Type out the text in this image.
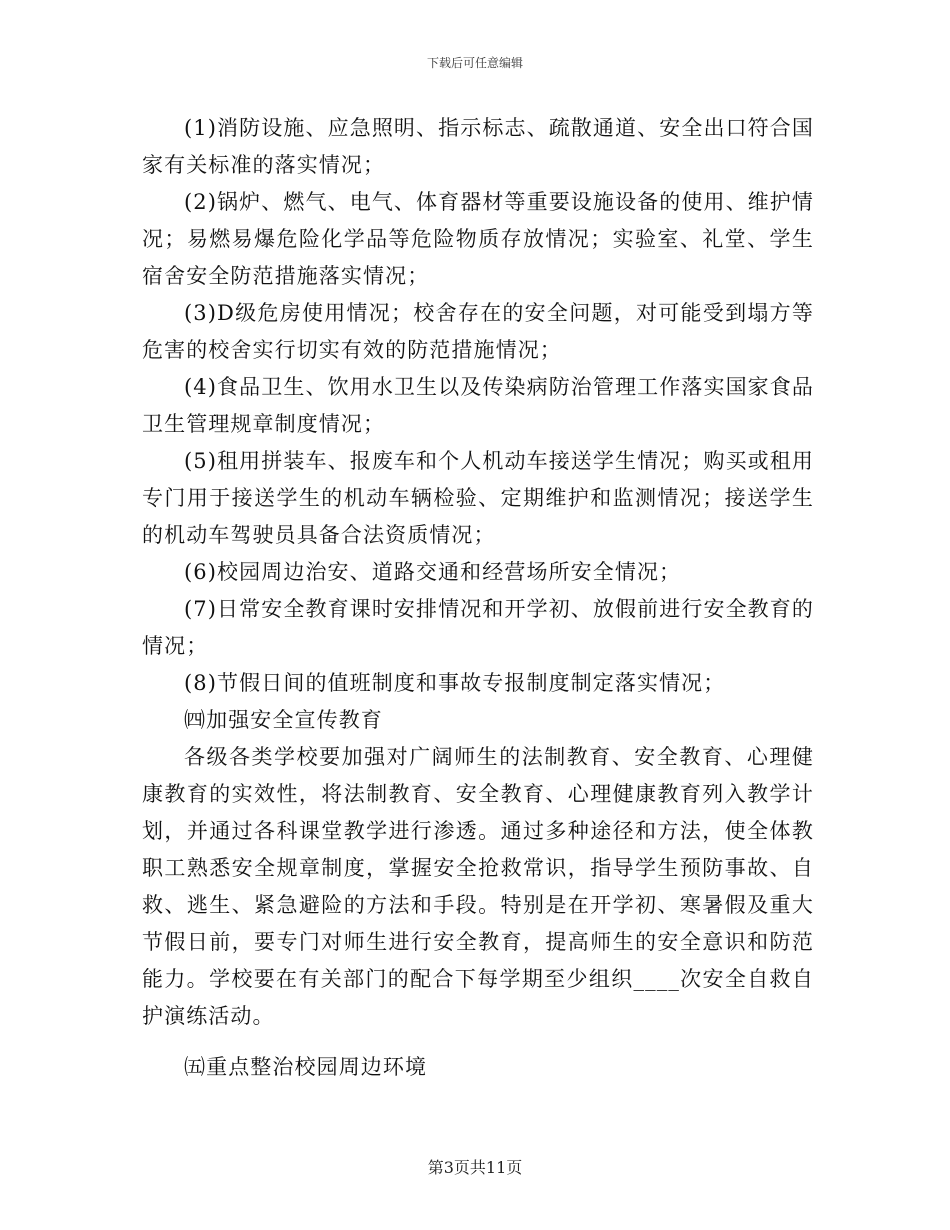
下载后可任意编辑

(1)消防设施、应急照明、指示标志、疏散通道、安全出口符合国家有关标准的落实情况；

(2)锅炉、燃气、电气、体育器材等重要设施设备的使用、维护情况；易燃易爆危险化学品等危险物质存放情况；实验室、礼堂、学生宿舍安全防范措施落实情况；

(3)D级危房使用情况；校舍存在的安全问题，对可能受到塌方等危害的校舍实行切实有效的防范措施情况；

(4)食品卫生、饮用水卫生以及传染病防治管理工作落实国家食品卫生管理规章制度情况；

(5)租用拼装车、报废车和个人机动车接送学生情况；购买或租用专门用于接送学生的机动车辆检验、定期维护和监测情况；接送学生的机动车驾驶员具备合法资质情况；

(6)校园周边治安、道路交通和经营场所安全情况；

(7)日常安全教育课时安排情况和开学初、放假前进行安全教育的情况；

(8)节假日间的值班制度和事故专报制度制定落实情况；

㈣加强安全宣传教育

各级各类学校要加强对广阔师生的法制教育、安全教育、心理健康教育的实效性，将法制教育、安全教育、心理健康教育列入教学计划，并通过各科课堂教学进行渗透。通过多种途径和方法，使全体教职工熟悉安全规章制度，掌握安全抢救常识，指导学生预防事故、自救、逃生、紧急避险的方法和手段。特别是在开学初、寒暑假及重大节假日前，要专门对师生进行安全教育，提高师生的安全意识和防范能力。学校要在有关部门的配合下每学期至少组织____次安全自救自护演练活动。

㈤重点整治校园周边环境

第3页共11页
